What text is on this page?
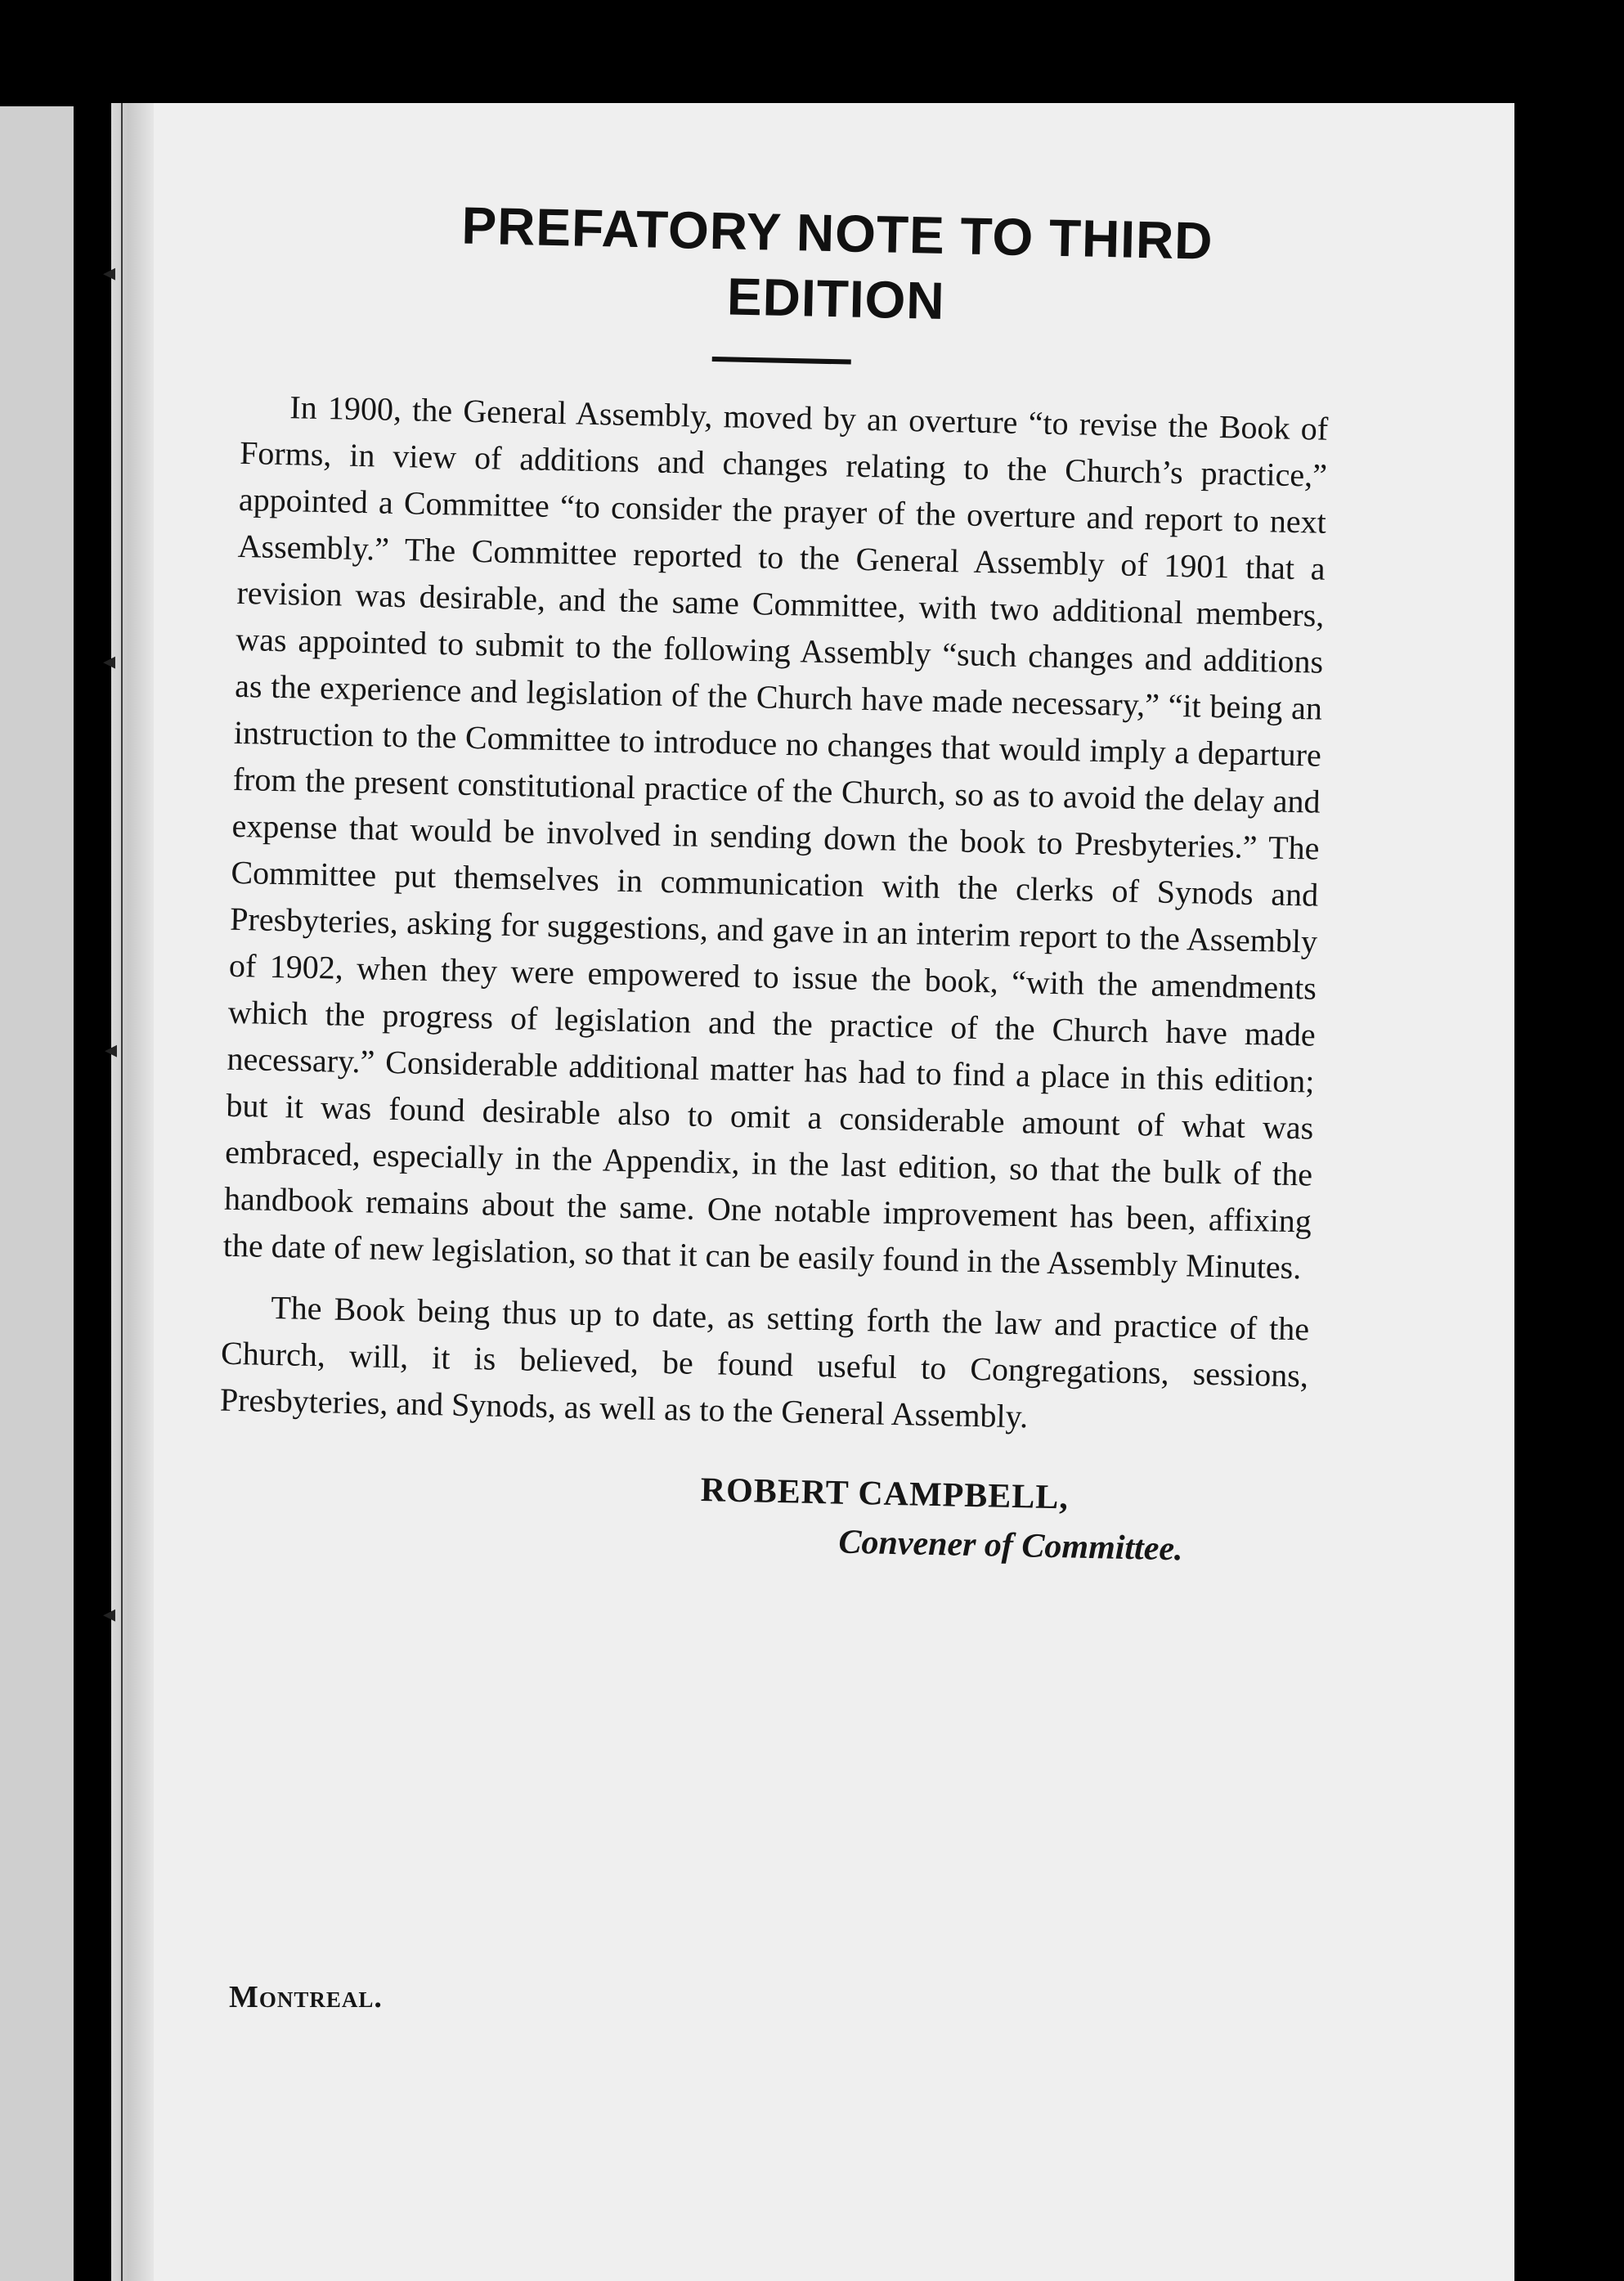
◂
◂
◂
◂
PREFATORY NOTE TO THIRD
EDITION

In 1900, the General Assembly, moved by an overture “to revise the Book of Forms, in view of additions and changes relating to the Church’s practice,” appointed a Committee “to consider the prayer of the overture and report to next Assembly.” The Committee reported to the General Assembly of 1901 that a revision was desirable, and the same Committee, with two additional members, was appointed to submit to the following Assembly “such changes and additions as the experience and legislation of the Church have made necessary,” “it being an instruction to the Committee to introduce no changes that would imply a departure from the present constitutional practice of the Church, so as to avoid the delay and expense that would be involved in sending down the book to Presbyteries.” The Committee put themselves in communication with the clerks of Synods and Presbyteries, asking for suggestions, and gave in an interim report to the Assembly of 1902, when they were empowered to issue the book, “with the amendments which the progress of legislation and the practice of the Church have made necessary.” Considerable additional matter has had to find a place in this edition; but it was found desirable also to omit a considerable amount of what was embraced, especially in the Appendix, in the last edition, so that the bulk of the handbook remains about the same. One notable improvement has been, affixing the date of new legislation, so that it can be easily found in the Assembly Minutes.

The Book being thus up to date, as setting forth the law and practice of the Church, will, it is believed, be found useful to Congregations, sessions, Presbyteries, and Synods, as well as to the General Assembly.

ROBERT CAMPBELL,
Convener of Committee.
Montreal.
